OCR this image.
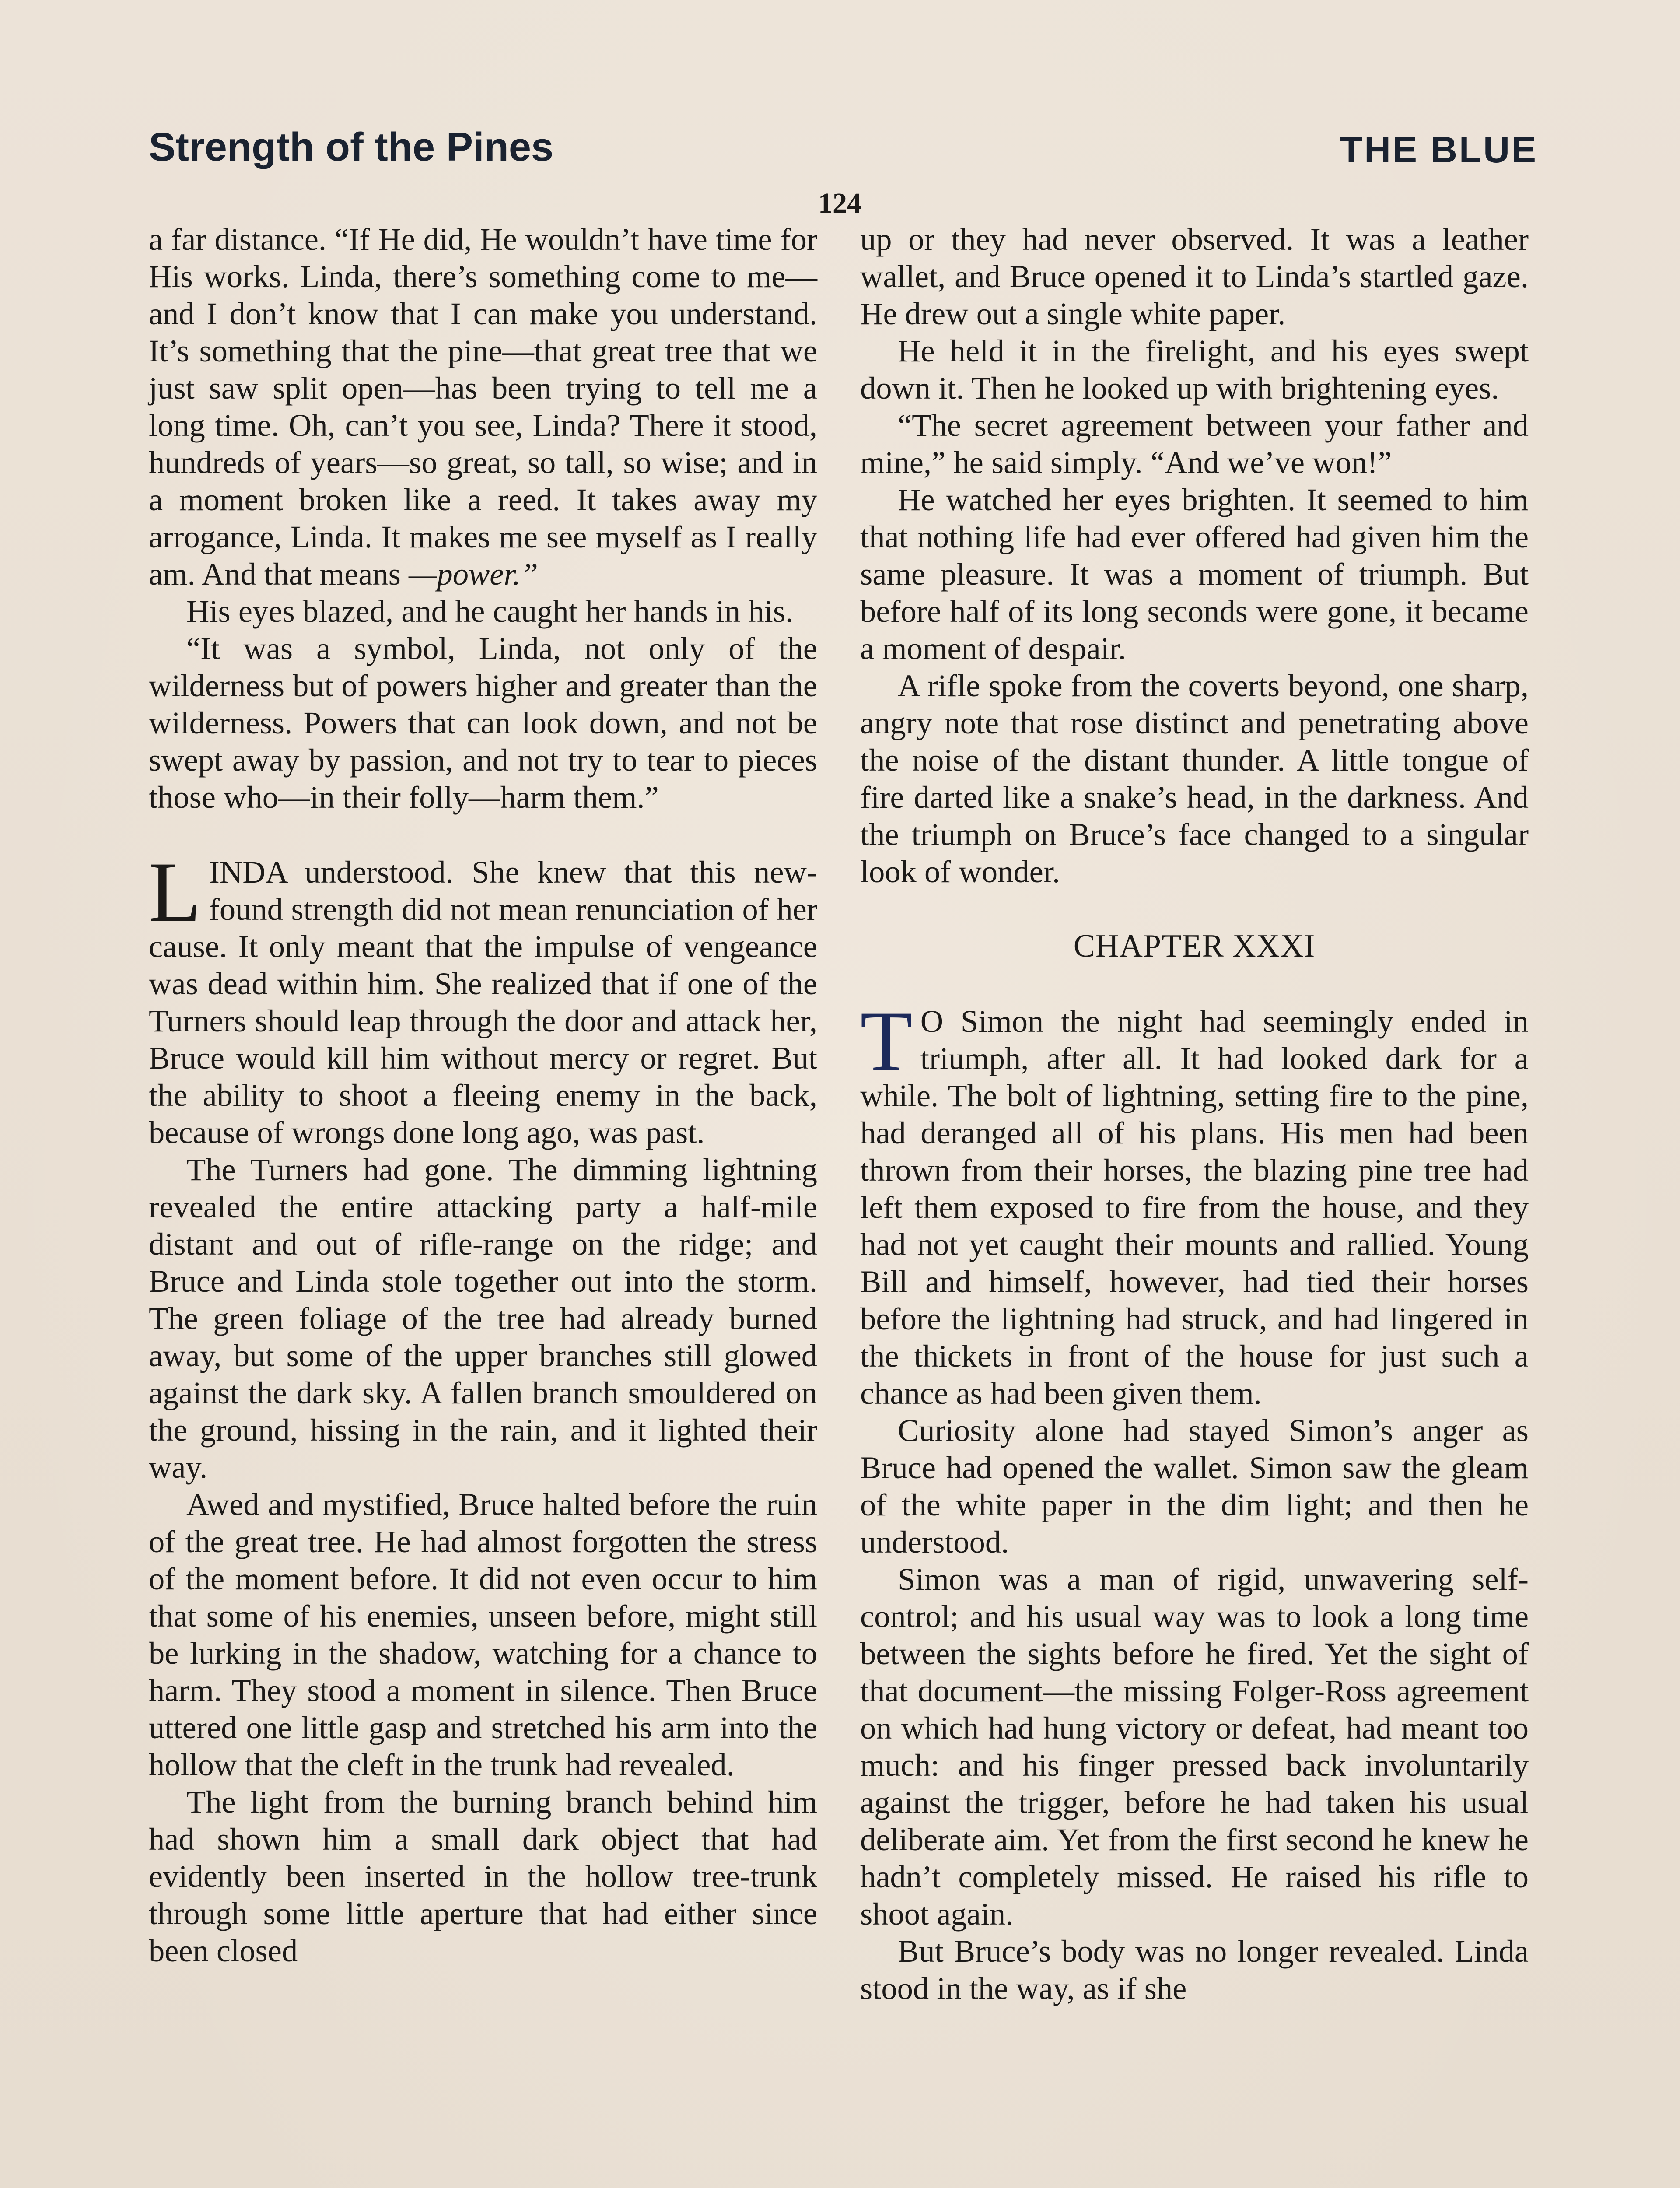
Strength of the Pines	THE BLUE
124

a far distance. “If He did, He wouldn’t have time for His works. Linda, there’s something come to me—and I don’t know that I can make you understand. It’s something that the pine—that great tree that we just saw split open—has been trying to tell me a long time. Oh, can’t you see, Linda? There it stood, hundreds of years—so great, so tall, so wise; and in a moment broken like a reed. It takes away my arrogance, Linda. It makes me see myself as I really am. And that means —power.”

His eyes blazed, and he caught her hands in his.

“It was a symbol, Linda, not only of the wilderness but of powers higher and greater than the wilderness. Powers that can look down, and not be swept away by passion, and not try to tear to pieces those who—in their folly—harm them.”

LINDA understood. She knew that this new-found strength did not mean renunciation of her cause. It only meant that the impulse of vengeance was dead within him. She realized that if one of the Turners should leap through the door and attack her, Bruce would kill him without mercy or regret. But the ability to shoot a fleeing enemy in the back, because of wrongs done long ago, was past.

The Turners had gone. The dimming lightning revealed the entire attacking party a half-mile distant and out of rifle-range on the ridge; and Bruce and Linda stole together out into the storm. The green foliage of the tree had already burned away, but some of the upper branches still glowed against the dark sky. A fallen branch smouldered on the ground, hissing in the rain, and it lighted their way.

Awed and mystified, Bruce halted before the ruin of the great tree. He had almost forgotten the stress of the moment before. It did not even occur to him that some of his enemies, unseen before, might still be lurking in the shadow, watching for a chance to harm. They stood a moment in silence. Then Bruce uttered one little gasp and stretched his arm into the hollow that the cleft in the trunk had revealed.

The light from the burning branch behind him had shown him a small dark object that had evidently been inserted in the hollow tree-trunk through some little aperture that had either since been closed

up or they had never observed. It was a leather wallet, and Bruce opened it to Linda’s startled gaze. He drew out a single white paper.

He held it in the firelight, and his eyes swept down it. Then he looked up with brightening eyes.

“The secret agreement between your father and mine,” he said simply. “And we’ve won!”

He watched her eyes brighten. It seemed to him that nothing life had ever offered had given him the same pleasure. It was a moment of triumph. But before half of its long seconds were gone, it became a moment of despair.

A rifle spoke from the coverts beyond, one sharp, angry note that rose distinct and penetrating above the noise of the distant thunder. A little tongue of fire darted like a snake’s head, in the darkness. And the triumph on Bruce’s face changed to a singular look of wonder.

CHAPTER XXXI

T O Simon the night had seemingly ended in triumph, after all. It had looked dark for a while. The bolt of lightning, setting fire to the pine, had deranged all of his plans. His men had been thrown from their horses, the blazing pine tree had left them exposed to fire from the house, and they had not yet caught their mounts and rallied. Young Bill and himself, however, had tied their horses before the lightning had struck, and had lingered in the thickets in front of the house for just such a chance as had been given them.

Curiosity alone had stayed Simon’s anger as Bruce had opened the wallet. Simon saw the gleam of the white paper in the dim light; and then he understood.

Simon was a man of rigid, unwavering self-control; and his usual way was to look a long time between the sights before he fired. Yet the sight of that document—the missing Folger-Ross agreement on which had hung victory or defeat, had meant too much: and his finger pressed back involuntarily against the trigger, before he had taken his usual deliberate aim. Yet from the first second he knew he hadn’t completely missed. He raised his rifle to shoot again.

But Bruce’s body was no longer revealed. Linda stood in the way, as if she
